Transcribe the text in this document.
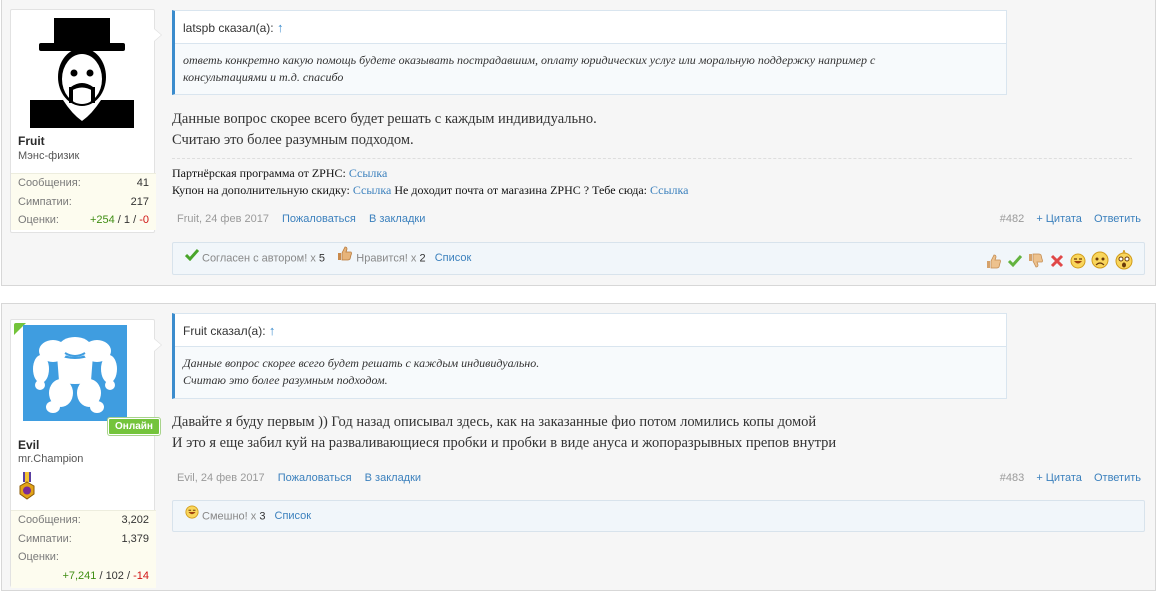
Fruit
Мэнс-физик
Сообщения:	41
Симпатии:	217
Оценки:	+254 / 1 / -0
latspb сказал(а): ↑
ответь конкретно какую помощь будете оказывать пострадавшим, оплату юридических услуг или моральную поддержку например с
консультациями и т.д. спасибо
Данные вопрос скорее всего будет решать с каждым индивидуально.
Считаю это более разумным подходом.
Партнёрская программа от ZPHC: Ссылка
Купон на дополнительную скидку: Ссылка Не доходит почта от магазина ZPHC ? Тебе сюда: Ссылка
Fruit, 24 фев 2017 Пожаловаться В закладки	#482 + Цитата Ответить
Согласен с автором! x 5	Нравится! x 2 Список

Онлайн
Evil
mr.Champion
Сообщения:	3,202
Симпатии:	1,379
Оценки:
+7,241 / 102 / -14
Fruit сказал(а): ↑
Данные вопрос скорее всего будет решать с каждым индивидуально.
Считаю это более разумным подходом.
Давайте я буду первым )) Год назад описывал здесь, как на заказанные фио потом ломились копы домой
И это я еще забил куй на разваливающиеся пробки и пробки в виде ануса и жопоразрывных препов внутри
Evil, 24 фев 2017 Пожаловаться В закладки	#483 + Цитата Ответить
Смешно! x 3 Список
